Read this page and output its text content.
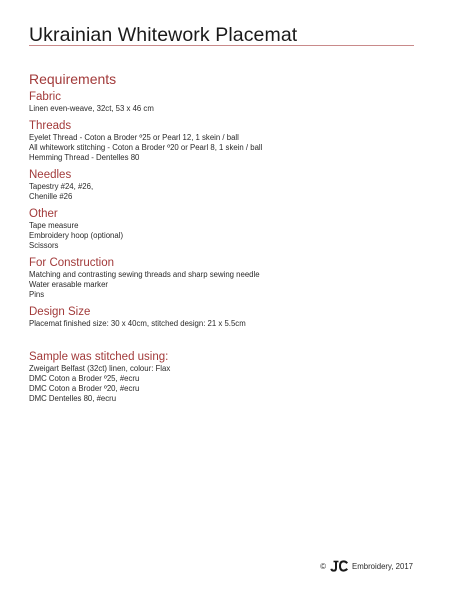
Ukrainian Whitework Placemat
Requirements
Fabric
Linen even-weave, 32ct, 53 x 46 cm
Threads
Eyelet Thread - Coton a Broder º25 or Pearl 12, 1 skein / ball
All whitework stitching - Coton a Broder º20 or Pearl 8, 1 skein / ball
Hemming Thread - Dentelles 80
Needles
Tapestry #24, #26,
Chenille #26
Other
Tape measure
Embroidery hoop (optional)
Scissors
For Construction
Matching and contrasting sewing threads and sharp sewing needle
Water erasable marker
Pins
Design Size
Placemat finished size: 30 x 40cm, stitched design: 21 x 5.5cm
Sample was stitched using:
Zweigart Belfast (32ct) linen, colour: Flax
DMC Coton a Broder º25, #ecru
DMC Coton a Broder º20, #ecru
DMC Dentelles 80, #ecru
©	Embroidery, 2017
